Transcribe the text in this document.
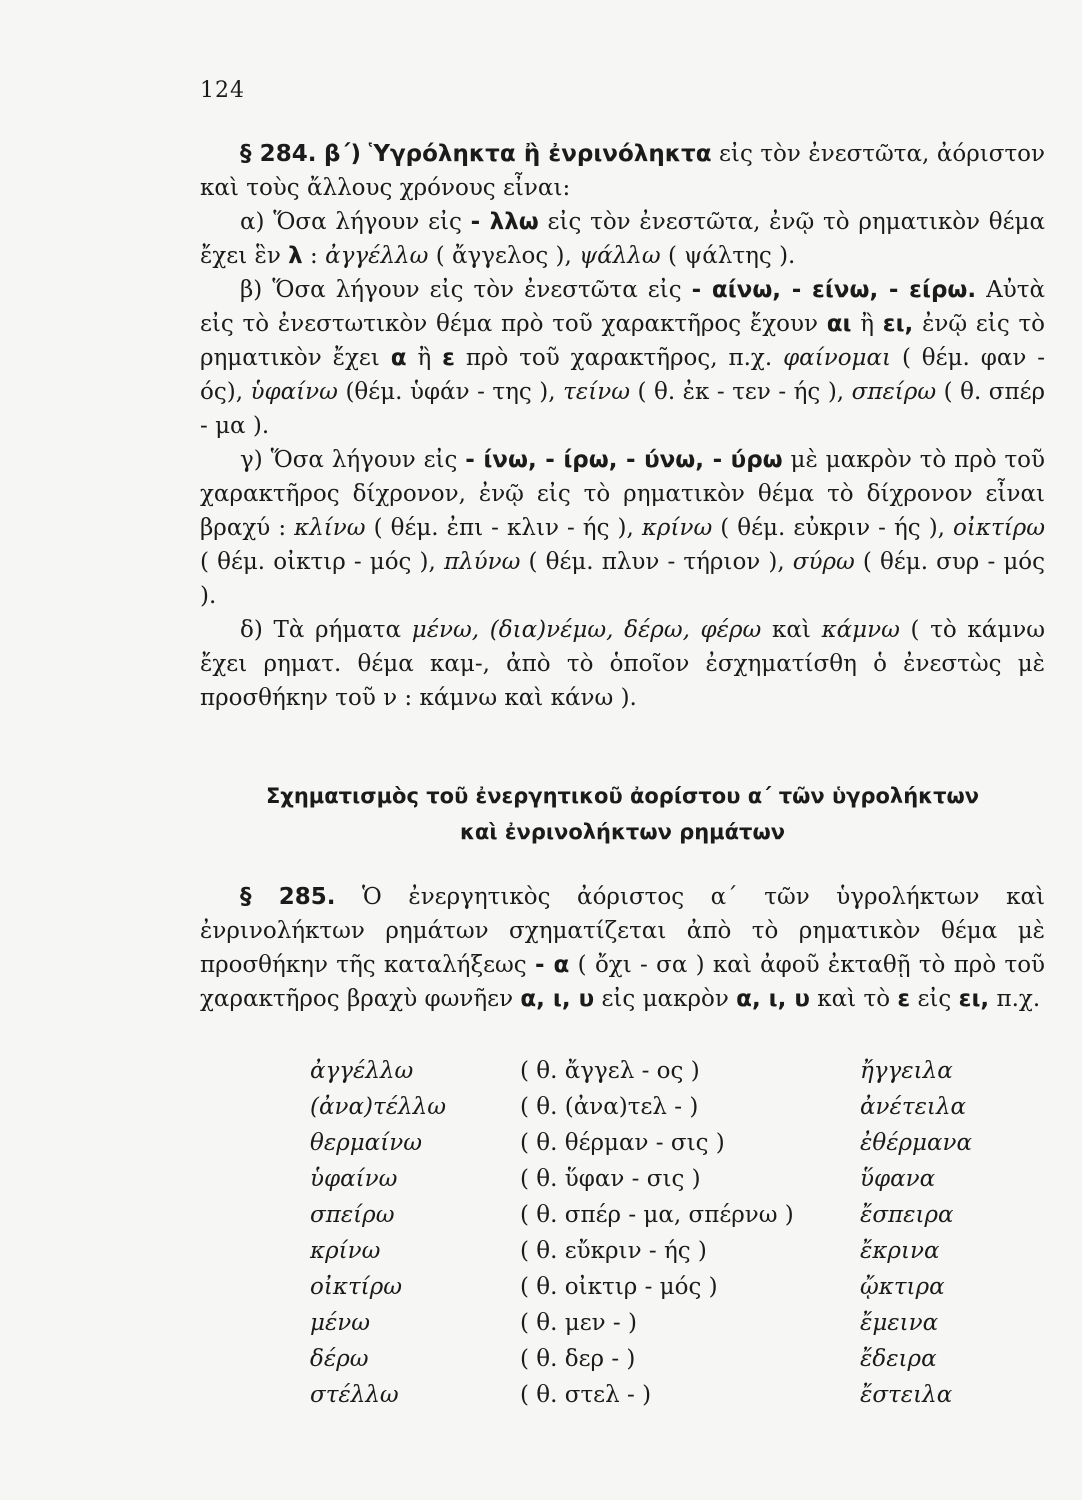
124

§ 284. β΄) Ὑγρόληκτα ἢ ἐνρινόληκτα εἰς τὸν ἐνεστῶτα, ἀόριστον καὶ τοὺς ἄλλους χρόνους εἶναι:

α) Ὅσα λήγουν εἰς - λλω εἰς τὸν ἐνεστῶτα, ἐνῷ τὸ ρηματικὸν θέμα ἔχει ἓν λ : ἀγγέλλω ( ἄγγελος ), ψάλλω ( ψάλτης ).

β) Ὅσα λήγουν εἰς τὸν ἐνεστῶτα εἰς - αίνω, - είνω, - είρω. Αὐτὰ εἰς τὸ ἐνεστωτικὸν θέμα πρὸ τοῦ χαρακτῆρος ἔχουν αι ἢ ει, ἐνῷ εἰς τὸ ρηματικὸν ἔχει α ἢ ε πρὸ τοῦ χαρακτῆρος, π.χ. φαίνομαι ( θέμ. φαν - ός), ὑφαίνω (θέμ. ὑφάν - της ), τείνω ( θ. ἐκ - τεν - ής ), σπείρω ( θ. σπέρ - μα ).

γ) Ὅσα λήγουν εἰς - ίνω, - ίρω, - ύνω, - ύρω μὲ μακρὸν τὸ πρὸ τοῦ χαρακτῆρος δίχρονον, ἐνῷ εἰς τὸ ρηματικὸν θέμα τὸ δίχρονον εἶναι βραχύ : κλίνω ( θέμ. ἐπι - κλιν - ής ), κρίνω ( θέμ. εὐκριν - ής ), οἰκτίρω ( θέμ. οἰκτιρ - μός ), πλύνω ( θέμ. πλυν - τήριον ), σύρω ( θέμ. συρ - μός ).

δ) Τὰ ρήματα μένω, (δια)νέμω, δέρω, φέρω καὶ κάμνω ( τὸ κάμνω ἔχει ρηματ. θέμα καμ-, ἀπὸ τὸ ὁποῖον ἐσχηματίσθη ὁ ἐνεστὼς μὲ προσθήκην τοῦ ν : κάμνω καὶ κάνω ).

Σχηματισμὸς τοῦ ἐνεργητικοῦ ἀορίστου α΄ τῶν ὑγρολήκτων
καὶ ἐνρινολήκτων ρημάτων

§ 285. Ὁ ἐνεργητικὸς ἀόριστος α΄ τῶν ὑγρολήκτων καὶ ἐνρινολήκτων ρημάτων σχηματίζεται ἀπὸ τὸ ρηματικὸν θέμα μὲ προσθήκην τῆς καταλήξεως - α ( ὄχι - σα ) καὶ ἀφοῦ ἐκταθῇ τὸ πρὸ τοῦ χαρακτῆρος βραχὺ φωνῆεν α, ι, υ εἰς μακρὸν α, ι, υ καὶ τὸ ε εἰς ει, π.χ.

ἀγγέλλω	( θ. ἄγγελ - ος )	ἤγγειλα
(ἀνα)τέλλω	( θ. (ἀνα)τελ - )	ἀνέτειλα
θερμαίνω	( θ. θέρμαν - σις )	ἐθέρμανα
ὑφαίνω	( θ. ὕφαν - σις )	ὕφανα
σπείρω	( θ. σπέρ - μα, σπέρνω )	ἔσπειρα
κρίνω	( θ. εὔκριν - ής )	ἔκρινα
οἰκτίρω	( θ. οἰκτιρ - μός )	ᾤκτιρα
μένω	( θ. μεν - )	ἔμεινα
δέρω	( θ. δερ - )	ἔδειρα
στέλλω	( θ. στελ - )	ἔστειλα
